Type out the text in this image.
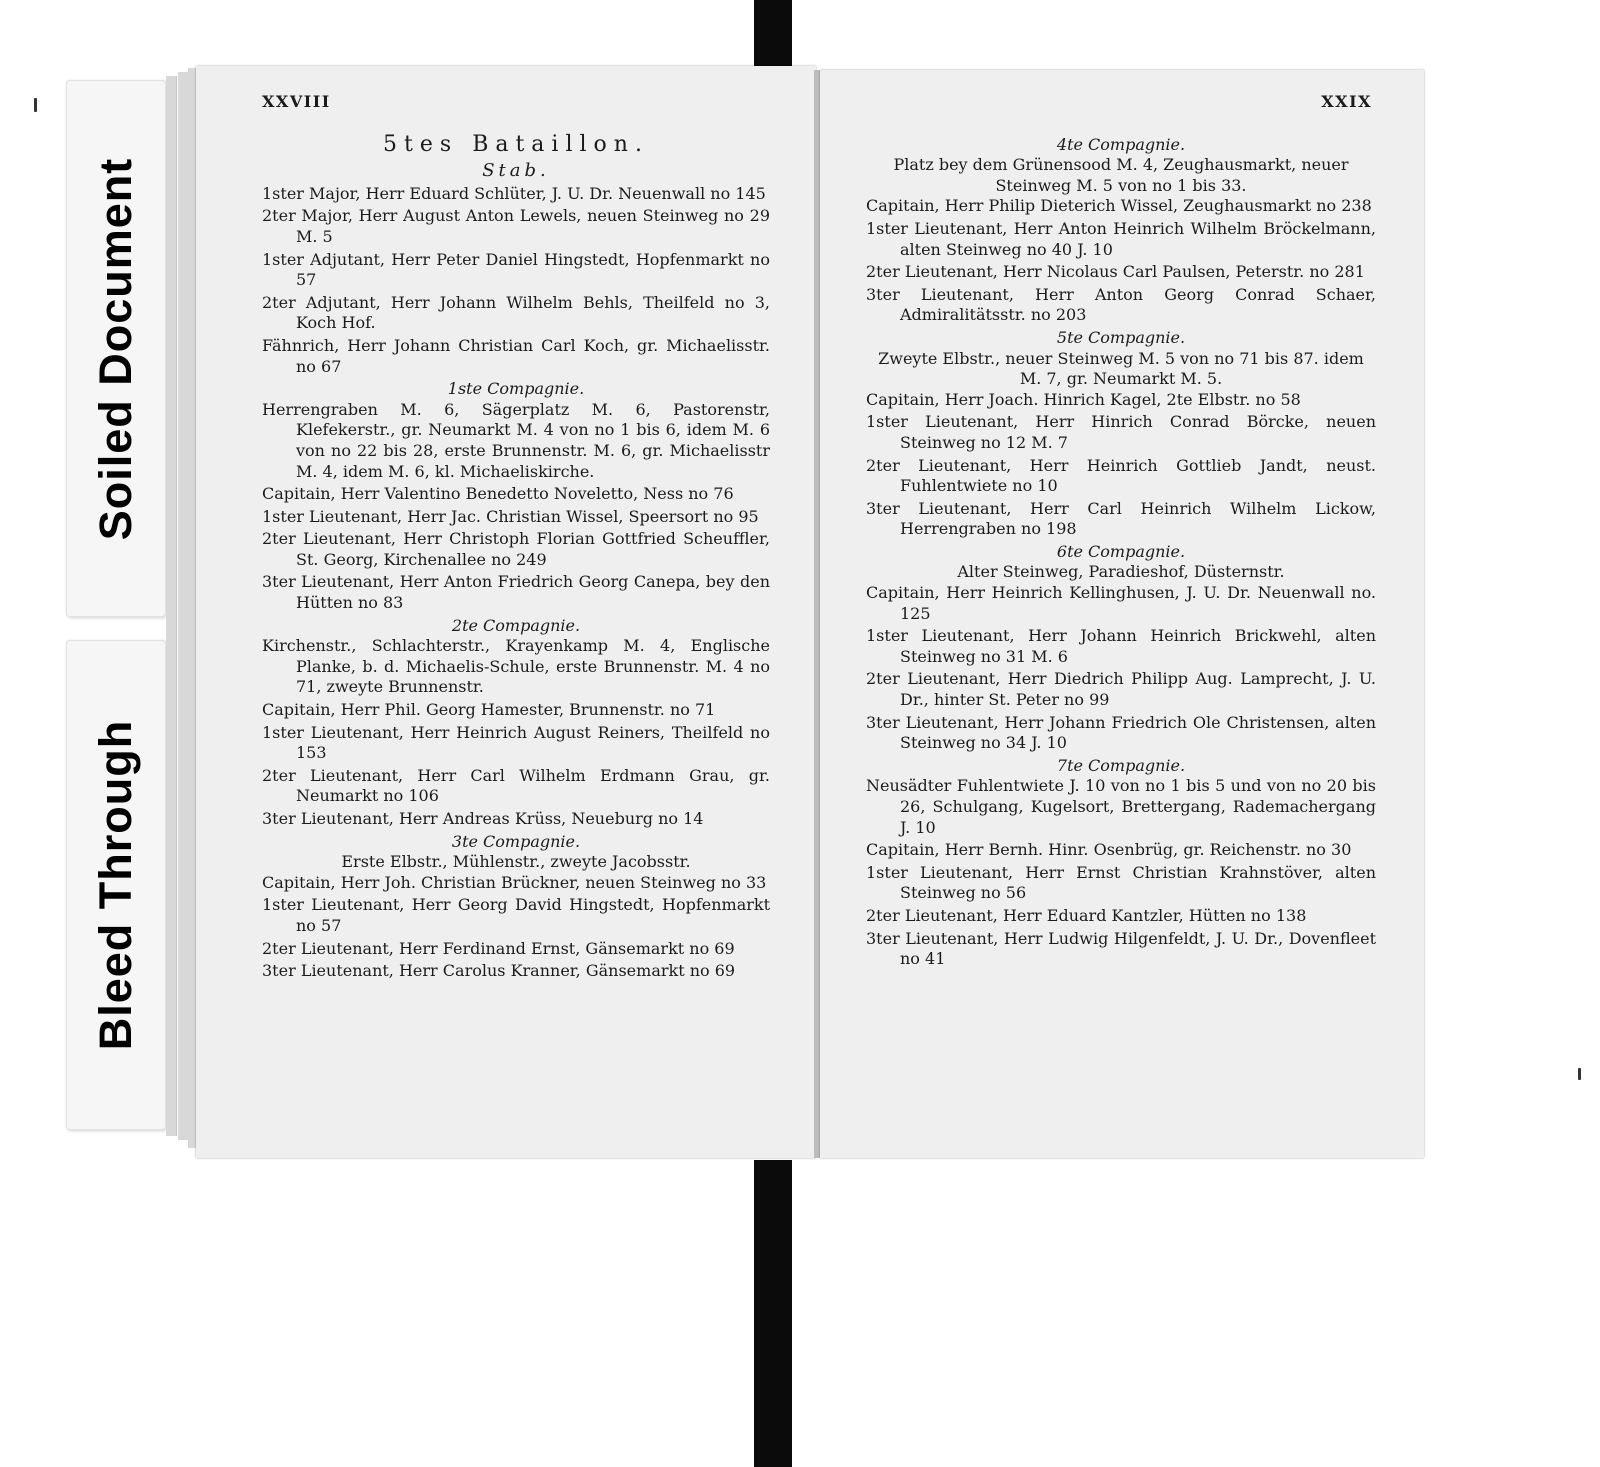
Soiled Document
Bleed Through
XXVIII
5tes Bataillon.
Stab.
1ster Major, Herr Eduard Schlüter, J. U. Dr. Neuenwall no 145
2ter Major, Herr August Anton Lewels, neuen Steinweg no 29 M. 5
1ster Adjutant, Herr Peter Daniel Hingstedt, Hopfenmarkt no 57
2ter Adjutant, Herr Johann Wilhelm Behls, Theilfeld no 3, Koch Hof.
Fähnrich, Herr Johann Christian Carl Koch, gr. Michaelisstr. no 67
1ste Compagnie.
Herrengraben M. 6, Sägerplatz M. 6, Pastorenstr, Klefekerstr., gr. Neumarkt M. 4 von no 1 bis 6, idem M. 6 von no 22 bis 28, erste Brunnenstr. M. 6, gr. Michaelisstr M. 4, idem M. 6, kl. Michaeliskirche.
Capitain, Herr Valentino Benedetto Noveletto, Ness no 76
1ster Lieutenant, Herr Jac. Christian Wissel, Speersort no 95
2ter Lieutenant, Herr Christoph Florian Gottfried Scheuffler, St. Georg, Kirchenallee no 249
3ter Lieutenant, Herr Anton Friedrich Georg Canepa, bey den Hütten no 83
2te Compagnie.
Kirchenstr., Schlachterstr., Krayenkamp M. 4, Englische Planke, b. d. Michaelis-Schule, erste Brunnenstr. M. 4 no 71, zweyte Brunnenstr.
Capitain, Herr Phil. Georg Hamester, Brunnenstr. no 71
1ster Lieutenant, Herr Heinrich August Reiners, Theilfeld no 153
2ter Lieutenant, Herr Carl Wilhelm Erdmann Grau, gr. Neumarkt no 106
3ter Lieutenant, Herr Andreas Krüss, Neueburg no 14
3te Compagnie.
Erste Elbstr., Mühlenstr., zweyte Jacobsstr.
Capitain, Herr Joh. Christian Brückner, neuen Steinweg no 33
1ster Lieutenant, Herr Georg David Hingstedt, Hopfenmarkt no 57
2ter Lieutenant, Herr Ferdinand Ernst, Gänsemarkt no 69
3ter Lieutenant, Herr Carolus Kranner, Gänsemarkt no 69
XXIX
4te Compagnie.
Platz bey dem Grünensood M. 4, Zeughausmarkt, neuer Steinweg M. 5 von no 1 bis 33.
Capitain, Herr Philip Dieterich Wissel, Zeughausmarkt no 238
1ster Lieutenant, Herr Anton Heinrich Wilhelm Bröckelmann, alten Steinweg no 40 J. 10
2ter Lieutenant, Herr Nicolaus Carl Paulsen, Peterstr. no 281
3ter Lieutenant, Herr Anton Georg Conrad Schaer, Admiralitätsstr. no 203
5te Compagnie.
Zweyte Elbstr., neuer Steinweg M. 5 von no 71 bis 87. idem M. 7, gr. Neumarkt M. 5.
Capitain, Herr Joach. Hinrich Kagel, 2te Elbstr. no 58
1ster Lieutenant, Herr Hinrich Conrad Börcke, neuen Steinweg no 12 M. 7
2ter Lieutenant, Herr Heinrich Gottlieb Jandt, neust. Fuhlentwiete no 10
3ter Lieutenant, Herr Carl Heinrich Wilhelm Lickow, Herrengraben no 198
6te Compagnie.
Alter Steinweg, Paradieshof, Düsternstr.
Capitain, Herr Heinrich Kellinghusen, J. U. Dr. Neuenwall no. 125
1ster Lieutenant, Herr Johann Heinrich Brickwehl, alten Steinweg no 31 M. 6
2ter Lieutenant, Herr Diedrich Philipp Aug. Lamprecht, J. U. Dr., hinter St. Peter no 99
3ter Lieutenant, Herr Johann Friedrich Ole Christensen, alten Steinweg no 34 J. 10
7te Compagnie.
Neusädter Fuhlentwiete J. 10 von no 1 bis 5 und von no 20 bis 26, Schulgang, Kugelsort, Brettergang, Rademachergang J. 10
Capitain, Herr Bernh. Hinr. Osenbrüg, gr. Reichenstr. no 30
1ster Lieutenant, Herr Ernst Christian Krahnstöver, alten Steinweg no 56
2ter Lieutenant, Herr Eduard Kantzler, Hütten no 138
3ter Lieutenant, Herr Ludwig Hilgenfeldt, J. U. Dr., Dovenfleet no 41
